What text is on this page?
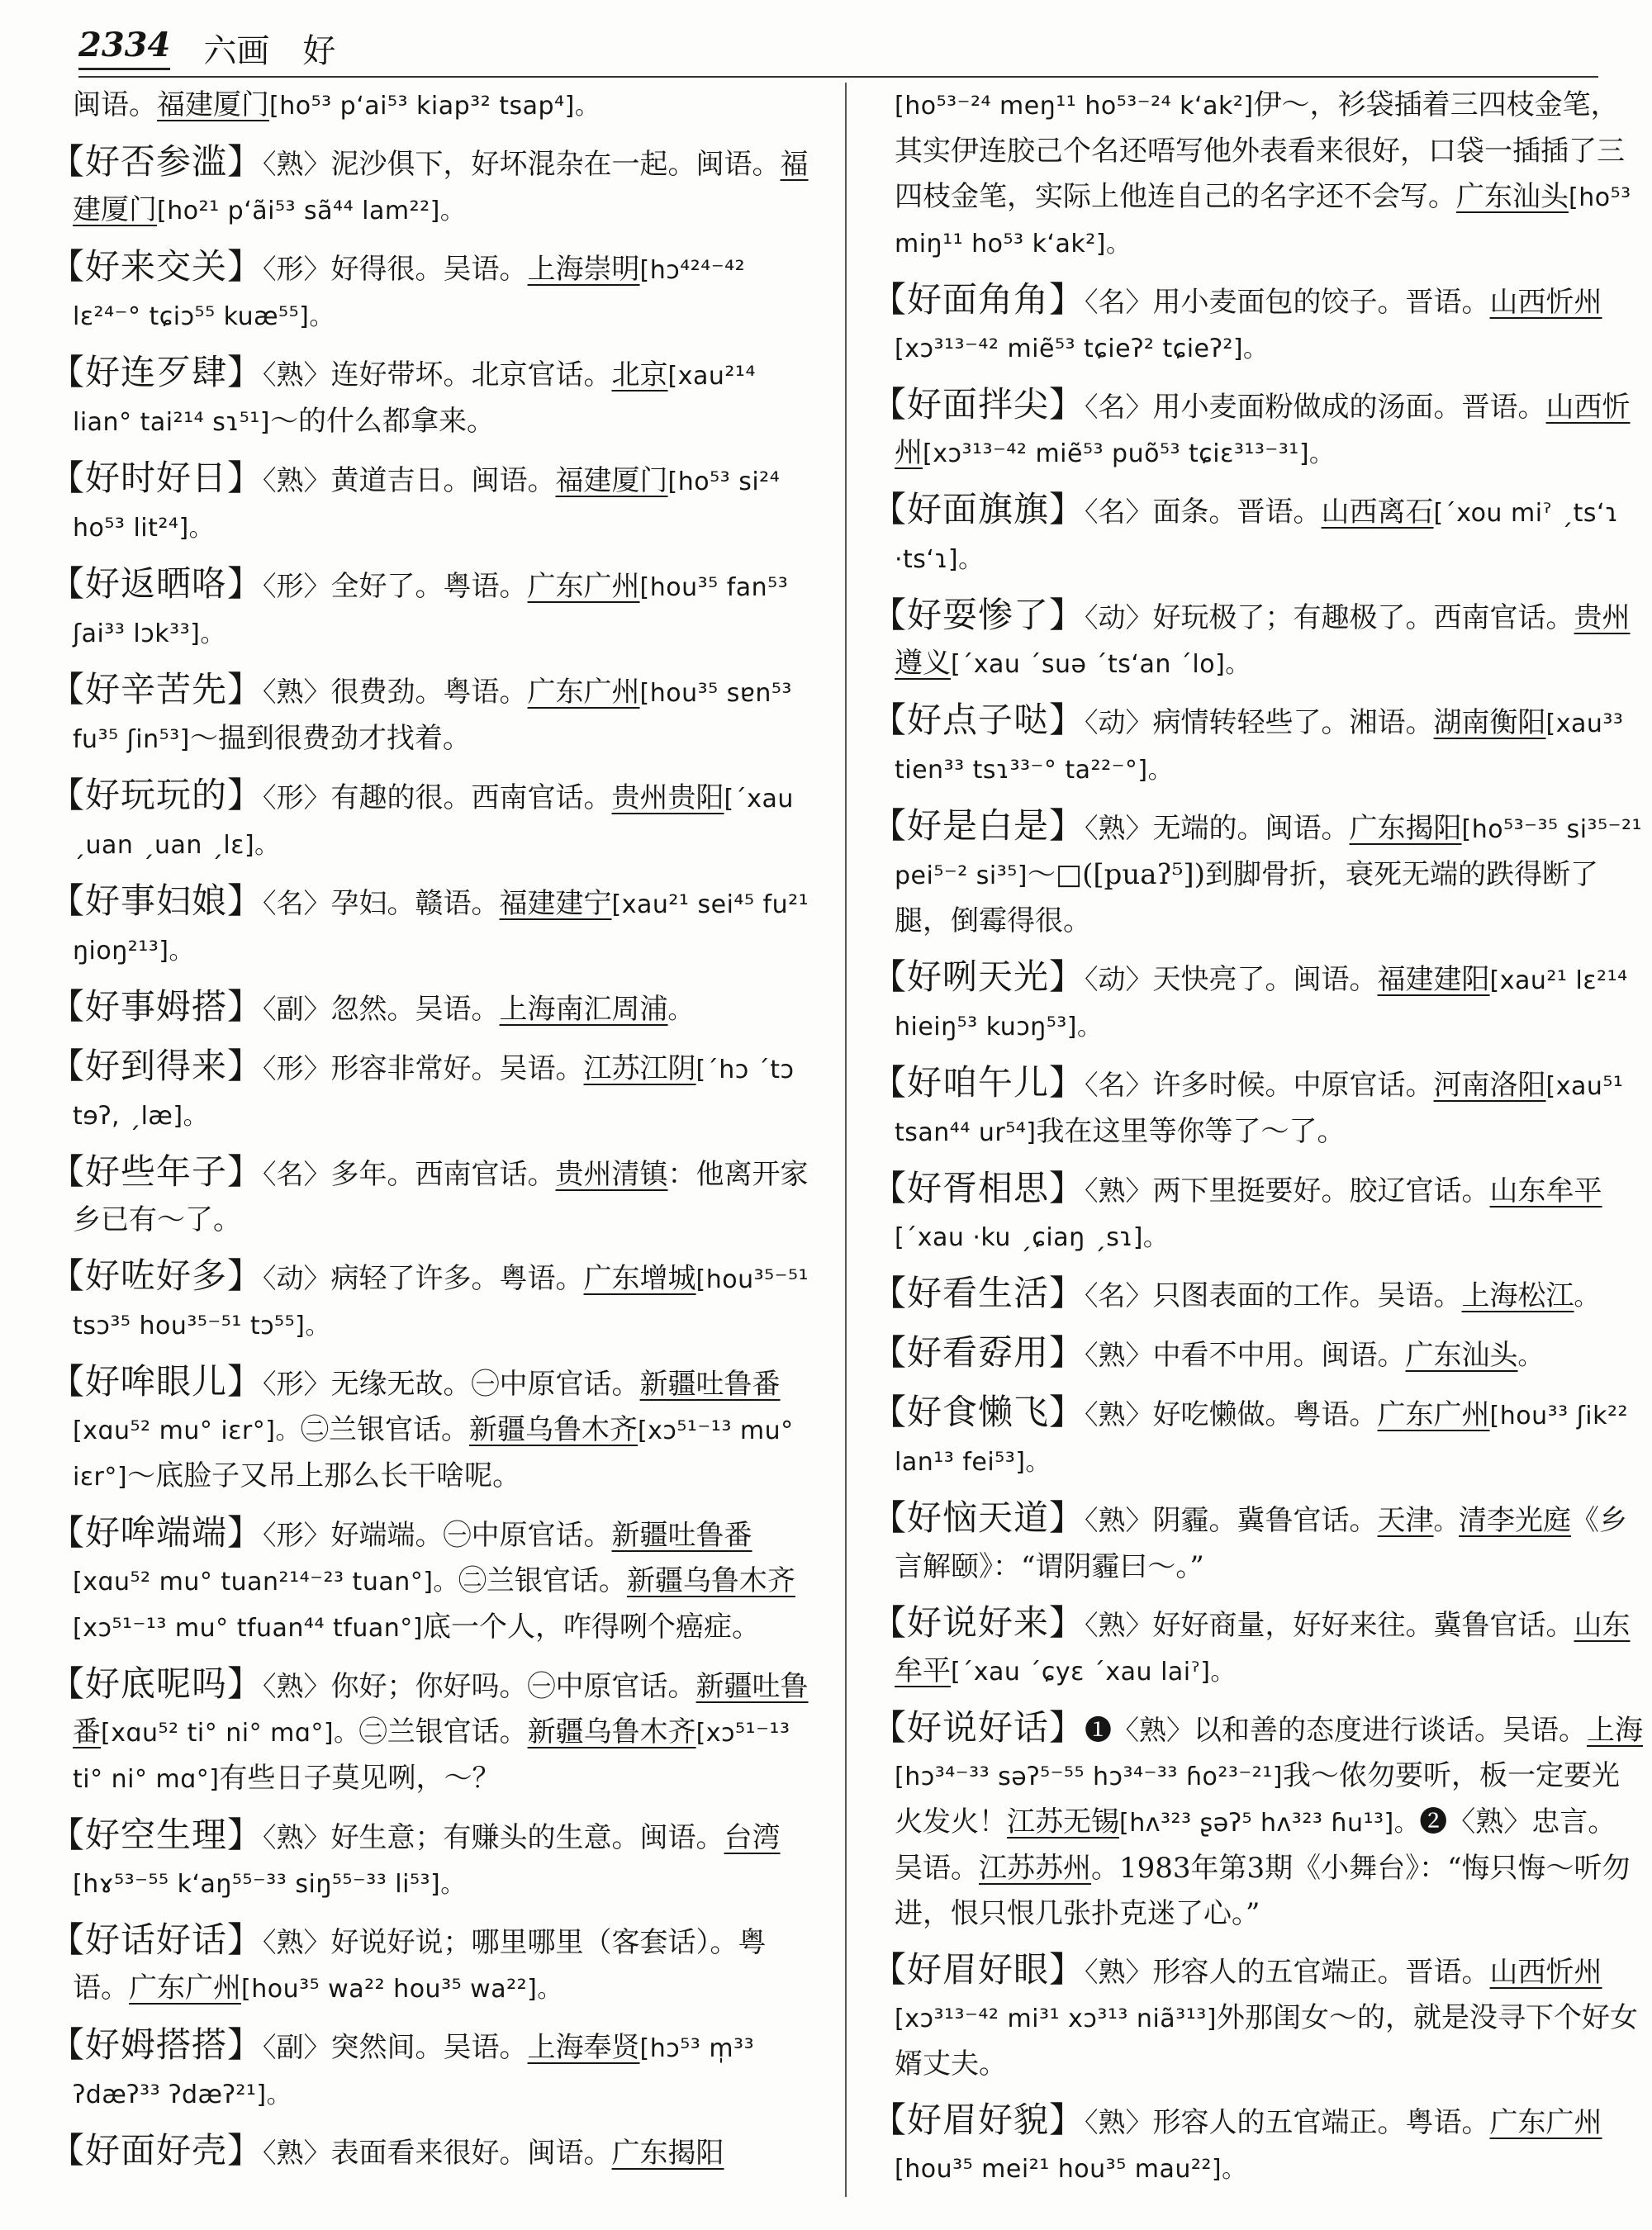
2334 六画 好
闽语。福建厦门[ho⁵³ pʻai⁵³ kiap³² tsap⁴]。
【 好否参滥 】 〈熟〉泥沙俱下，好坏混杂在一起。闽语。福建厦门[ho²¹ pʻãi⁵³ sã⁴⁴ lam²²]。
【 好来交关 】 〈形〉好得很。吴语。上海崇明[hɔ⁴²⁴⁻⁴² lɛ²⁴⁻° tɕiɔ⁵⁵ kuæ⁵⁵]。
【 好连歹肆 】 〈熟〉连好带坏。北京官话。北京[xau²¹⁴ lian° tai²¹⁴ sɿ⁵¹]～的什么都拿来。
【 好时好日 】 〈熟〉黄道吉日。闽语。福建厦门[ho⁵³ si²⁴ ho⁵³ lit²⁴]。
【 好返晒咯 】 〈形〉全好了。粤语。广东广州[hou³⁵ fan⁵³ ʃai³³ lɔk³³]。
【 好辛苦先 】 〈熟〉很费劲。粤语。广东广州[hou³⁵ sɐn⁵³ fu³⁵ ʃin⁵³]～揾到很费劲才找着。
【 好玩玩的 】 〈形〉有趣的很。西南官话。贵州贵阳[ˊxau ˏuan ˏuan ˏlɛ]。
【 好事妇娘 】 〈名〉孕妇。赣语。福建建宁[xau²¹ sei⁴⁵ fu²¹ ŋioŋ²¹³]。
【 好事姆搭 】 〈副〉忽然。吴语。上海南汇周浦。
【 好到得来 】 〈形〉形容非常好。吴语。江苏江阴[ˊhɔ ˊtɔ tɘʔ, ˏlæ]。
【 好些年子 】 〈名〉多年。西南官话。贵州清镇：他离开家乡已有～了。
【 好咗好多 】 〈动〉病轻了许多。粤语。广东增城[hou³⁵⁻⁵¹ tsɔ³⁵ hou³⁵⁻⁵¹ tɔ⁵⁵]。
【 好哞眼儿 】 〈形〉无缘无故。㊀中原官话。新疆吐鲁番[xɑu⁵² mu° iɛr°]。㊁兰银官话。新疆乌鲁木齐[xɔ⁵¹⁻¹³ mu° iɛr°]～底脸子又吊上那么长干啥呢。
【 好哞端端 】 〈形〉好端端。㊀中原官话。新疆吐鲁番[xɑu⁵² mu° tuan²¹⁴⁻²³ tuan°]。㊁兰银官话。新疆乌鲁木齐[xɔ⁵¹⁻¹³ mu° tfuan⁴⁴ tfuan°]底一个人，咋得咧个癌症。
【 好底呢吗 】 〈熟〉你好；你好吗。㊀中原官话。新疆吐鲁番[xɑu⁵² ti° ni° mɑ°]。㊁兰银官话。新疆乌鲁木齐[xɔ⁵¹⁻¹³ ti° ni° mɑ°]有些日子莫见咧，～？
【 好空生理 】 〈熟〉好生意；有赚头的生意。闽语。台湾[hɤ⁵³⁻⁵⁵ kʻaŋ⁵⁵⁻³³ siŋ⁵⁵⁻³³ li⁵³]。
【 好话好话 】 〈熟〉好说好说；哪里哪里（客套话）。粤语。广东广州[hou³⁵ wa²² hou³⁵ wa²²]。
【 好姆搭搭 】 〈副〉突然间。吴语。上海奉贤[hɔ⁵³ m̩³³ ʔdæʔ³³ ʔdæʔ²¹]。
【 好面好壳 】 〈熟〉表面看来很好。闽语。广东揭阳
[ho⁵³⁻²⁴ meŋ¹¹ ho⁵³⁻²⁴ kʻak²]伊～，衫袋插着三四枝金笔，其实伊连胶己个名还唔写他外表看来很好，口袋一插插了三四枝金笔，实际上他连自己的名字还不会写。广东汕头[ho⁵³ miŋ¹¹ ho⁵³ kʻak²]。
【 好面角角 】 〈名〉用小麦面包的饺子。晋语。山西忻州[xɔ³¹³⁻⁴² miẽ⁵³ tɕieʔ² tɕieʔ²]。
【 好面拌尖 】 〈名〉用小麦面粉做成的汤面。晋语。山西忻州[xɔ³¹³⁻⁴² miẽ⁵³ puõ⁵³ tɕiɛ³¹³⁻³¹]。
【 好面旗旗 】 〈名〉面条。晋语。山西离石[ˊxou miˀ ˏtsʻɿ ·tsʻɿ]。
【 好耍惨了 】 〈动〉好玩极了；有趣极了。西南官话。贵州遵义[ˊxau ˊsuə ˊtsʻan ˊlo]。
【 好点子哒 】 〈动〉病情转轻些了。湘语。湖南衡阳[xau³³ tien³³ tsɿ³³⁻° ta²²⁻°]。
【 好是白是 】 〈熟〉无端的。闽语。广东揭阳[ho⁵³⁻³⁵ si³⁵⁻²¹ pei⁵⁻² si³⁵]～□([puaʔ⁵])到脚骨折，衰死无端的跌得断了腿，倒霉得很。
【 好咧天光 】 〈动〉天快亮了。闽语。福建建阳[xau²¹ lɛ²¹⁴ hieiŋ⁵³ kuɔŋ⁵³]。
【 好咱午儿 】 〈名〉许多时候。中原官话。河南洛阳[xau⁵¹ tsan⁴⁴ ur⁵⁴]我在这里等你等了～了。
【 好胥相思 】 〈熟〉两下里挺要好。胶辽官话。山东牟平[ˊxau ·ku ˏɕiaŋ ˏsɿ]。
【 好看生活 】 〈名〉只图表面的工作。吴语。上海松江。
【 好看孬用 】 〈熟〉中看不中用。闽语。广东汕头。
【 好食懒飞 】 〈熟〉好吃懒做。粤语。广东广州[hou³³ ʃik²² lan¹³ fei⁵³]。
【 好恼天道 】 〈熟〉阴霾。冀鲁官话。天津。清李光庭《乡言解颐》：“谓阴霾曰～。”
【 好说好来 】 〈熟〉好好商量，好好来往。冀鲁官话。山东牟平[ˊxau ˊɕyɛ ˊxau laiˀ]。
【 好说好话 】 ❶〈熟〉以和善的态度进行谈话。吴语。上海[hɔ³⁴⁻³³ səʔ⁵⁻⁵⁵ hɔ³⁴⁻³³ ɦo²³⁻²¹]我～侬勿要听，板一定要光火发火！江苏无锡[hʌ³²³ ʂəʔ⁵ hʌ³²³ ɦu¹³]。❷〈熟〉忠言。吴语。江苏苏州。1983年第3期《小舞台》：“悔只悔～听勿进，恨只恨几张扑克迷了心。”
【 好眉好眼 】 〈熟〉形容人的五官端正。晋语。山西忻州[xɔ³¹³⁻⁴² mi³¹ xɔ³¹³ niã³¹³]外那闺女～的，就是没寻下个好女婿丈夫。
【 好眉好貌 】 〈熟〉形容人的五官端正。粤语。广东广州[hou³⁵ mei²¹ hou³⁵ mau²²]。
